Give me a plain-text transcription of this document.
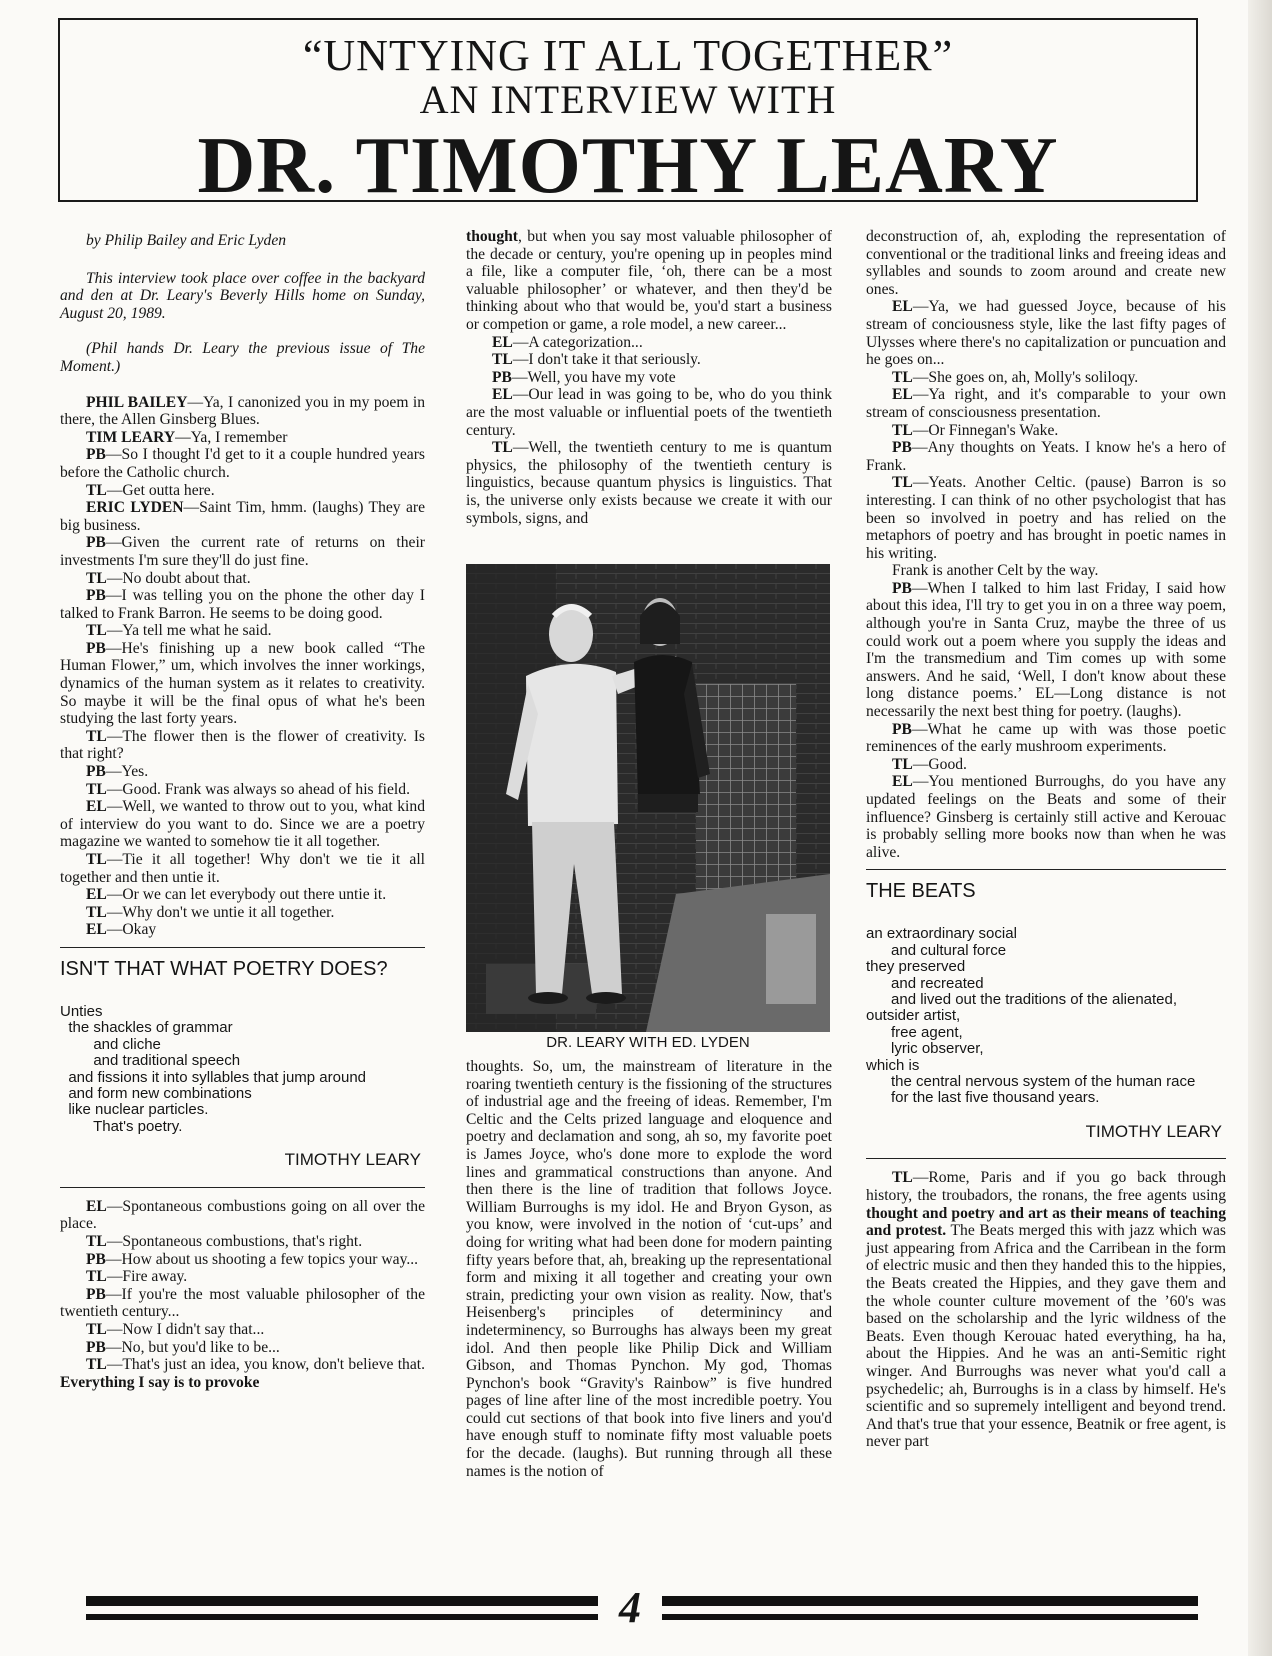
“UNTYING IT ALL TOGETHER”
AN INTERVIEW WITH
DR. TIMOTHY LEARY

by Philip Bailey and Eric Lyden

This interview took place over coffee in the backyard and den at Dr. Leary's Beverly Hills home on Sunday, August 20, 1989.

(Phil hands Dr. Leary the previous issue of The Moment.)

PHIL BAILEY—Ya, I canonized you in my poem in there, the Allen Ginsberg Blues.

TIM LEARY—Ya, I remember

PB—So I thought I'd get to it a couple hundred years before the Catholic church.

TL—Get outta here.

ERIC LYDEN—Saint Tim, hmm. (laughs) They are big business.

PB—Given the current rate of returns on their investments I'm sure they'll do just fine.

TL—No doubt about that.

PB—I was telling you on the phone the other day I talked to Frank Barron. He seems to be doing good.

TL—Ya tell me what he said.

PB—He's finishing up a new book called “The Human Flower,” um, which involves the inner workings, dynamics of the human system as it relates to creativity. So maybe it will be the final opus of what he's been studying the last forty years.

TL—The flower then is the flower of creativity. Is that right?

PB—Yes.

TL—Good. Frank was always so ahead of his field.

EL—Well, we wanted to throw out to you, what kind of interview do you want to do. Since we are a poetry magazine we wanted to somehow tie it all together.

TL—Tie it all together! Why don't we tie it all together and then untie it.

EL—Or we can let everybody out there untie it.

TL—Why don't we untie it all together.

EL—Okay

ISN'T THAT WHAT POETRY DOES?
Unties
the shackles of grammar
and cliche
and traditional speech
and fissions it into syllables that jump around
and form new combinations
like nuclear particles.
That's poetry.
TIMOTHY LEARY

EL—Spontaneous combustions going on all over the place.

TL—Spontaneous combustions, that's right.

PB—How about us shooting a few topics your way...

TL—Fire away.

PB—If you're the most valuable philosopher of the twentieth century...

TL—Now I didn't say that...

PB—No, but you'd like to be...

TL—That's just an idea, you know, don't believe that. Everything I say is to provoke

thought, but when you say most valuable philosopher of the decade or century, you're opening up in peoples mind a file, like a computer file, ‘oh, there can be a most valuable philosopher’ or whatever, and then they'd be thinking about who that would be, you'd start a business or competion or game, a role model, a new career...

EL—A categorization...

TL—I don't take it that seriously.

PB—Well, you have my vote

EL—Our lead in was going to be, who do you think are the most valuable or influential poets of the twentieth century.

TL—Well, the twentieth century to me is quantum physics, the philosophy of the twentieth century is linguistics, because quantum physics is linguistics. That is, the universe only exists because we create it with our symbols, signs, and

DR. LEARY WITH ED. LYDEN

thoughts. So, um, the mainstream of literature in the roaring twentieth century is the fissioning of the structures of industrial age and the freeing of ideas. Remember, I'm Celtic and the Celts prized language and eloquence and poetry and declamation and song, ah so, my favorite poet is James Joyce, who's done more to explode the word lines and grammatical constructions than anyone. And then there is the line of tradition that follows Joyce. William Burroughs is my idol. He and Bryon Gyson, as you know, were involved in the notion of ‘cut-ups’ and doing for writing what had been done for modern painting fifty years before that, ah, breaking up the representational form and mixing it all together and creating your own strain, predicting your own vision as reality. Now, that's Heisenberg's principles of determinincy and indeterminency, so Burroughs has always been my great idol. And then people like Philip Dick and William Gibson, and Thomas Pynchon. My god, Thomas Pynchon's book “Gravity's Rainbow” is five hundred pages of line after line of the most incredible poetry. You could cut sections of that book into five liners and you'd have enough stuff to nominate fifty most valuable poets for the decade. (laughs). But running through all these names is the notion of

deconstruction of, ah, exploding the representation of conventional or the traditional links and freeing ideas and syllables and sounds to zoom around and create new ones.

EL—Ya, we had guessed Joyce, because of his stream of conciousness style, like the last fifty pages of Ulysses where there's no capitalization or puncuation and he goes on...

TL—She goes on, ah, Molly's soliloqy.

EL—Ya right, and it's comparable to your own stream of consciousness presentation.

TL—Or Finnegan's Wake.

PB—Any thoughts on Yeats. I know he's a hero of Frank.

TL—Yeats. Another Celtic. (pause) Barron is so interesting. I can think of no other psychologist that has been so involved in poetry and has relied on the metaphors of poetry and has brought in poetic names in his writing.

Frank is another Celt by the way.

PB—When I talked to him last Friday, I said how about this idea, I'll try to get you in on a three way poem, although you're in Santa Cruz, maybe the three of us could work out a poem where you supply the ideas and I'm the transmedium and Tim comes up with some answers. And he said, ‘Well, I don't know about these long distance poems.’ EL—Long distance is not necessarily the next best thing for poetry. (laughs).

PB—What he came up with was those poetic reminences of the early mushroom experiments.

TL—Good.

EL—You mentioned Burroughs, do you have any updated feelings on the Beats and some of their influence? Ginsberg is certainly still active and Kerouac is probably selling more books now than when he was alive.

THE BEATS
an extraordinary social
and cultural force
they preserved
and recreated
and lived out the traditions of the alienated,
outsider artist,
free agent,
lyric observer,
which is
the central nervous system of the human race
for the last five thousand years.
TIMOTHY LEARY

TL—Rome, Paris and if you go back through history, the troubadors, the ronans, the free agents using thought and poetry and art as their means of teaching and protest. The Beats merged this with jazz which was just appearing from Africa and the Carribean in the form of electric music and then they handed this to the hippies, the Beats created the Hippies, and they gave them and the whole counter culture movement of the ’60's was based on the scholarship and the lyric wildness of the Beats. Even though Kerouac hated everything, ha ha, about the Hippies. And he was an anti-Semitic right winger. And Burroughs was never what you'd call a psychedelic; ah, Burroughs is in a class by himself. He's scientific and so supremely intelligent and beyond trend. And that's true that your essence, Beatnik or free agent, is never part

4
